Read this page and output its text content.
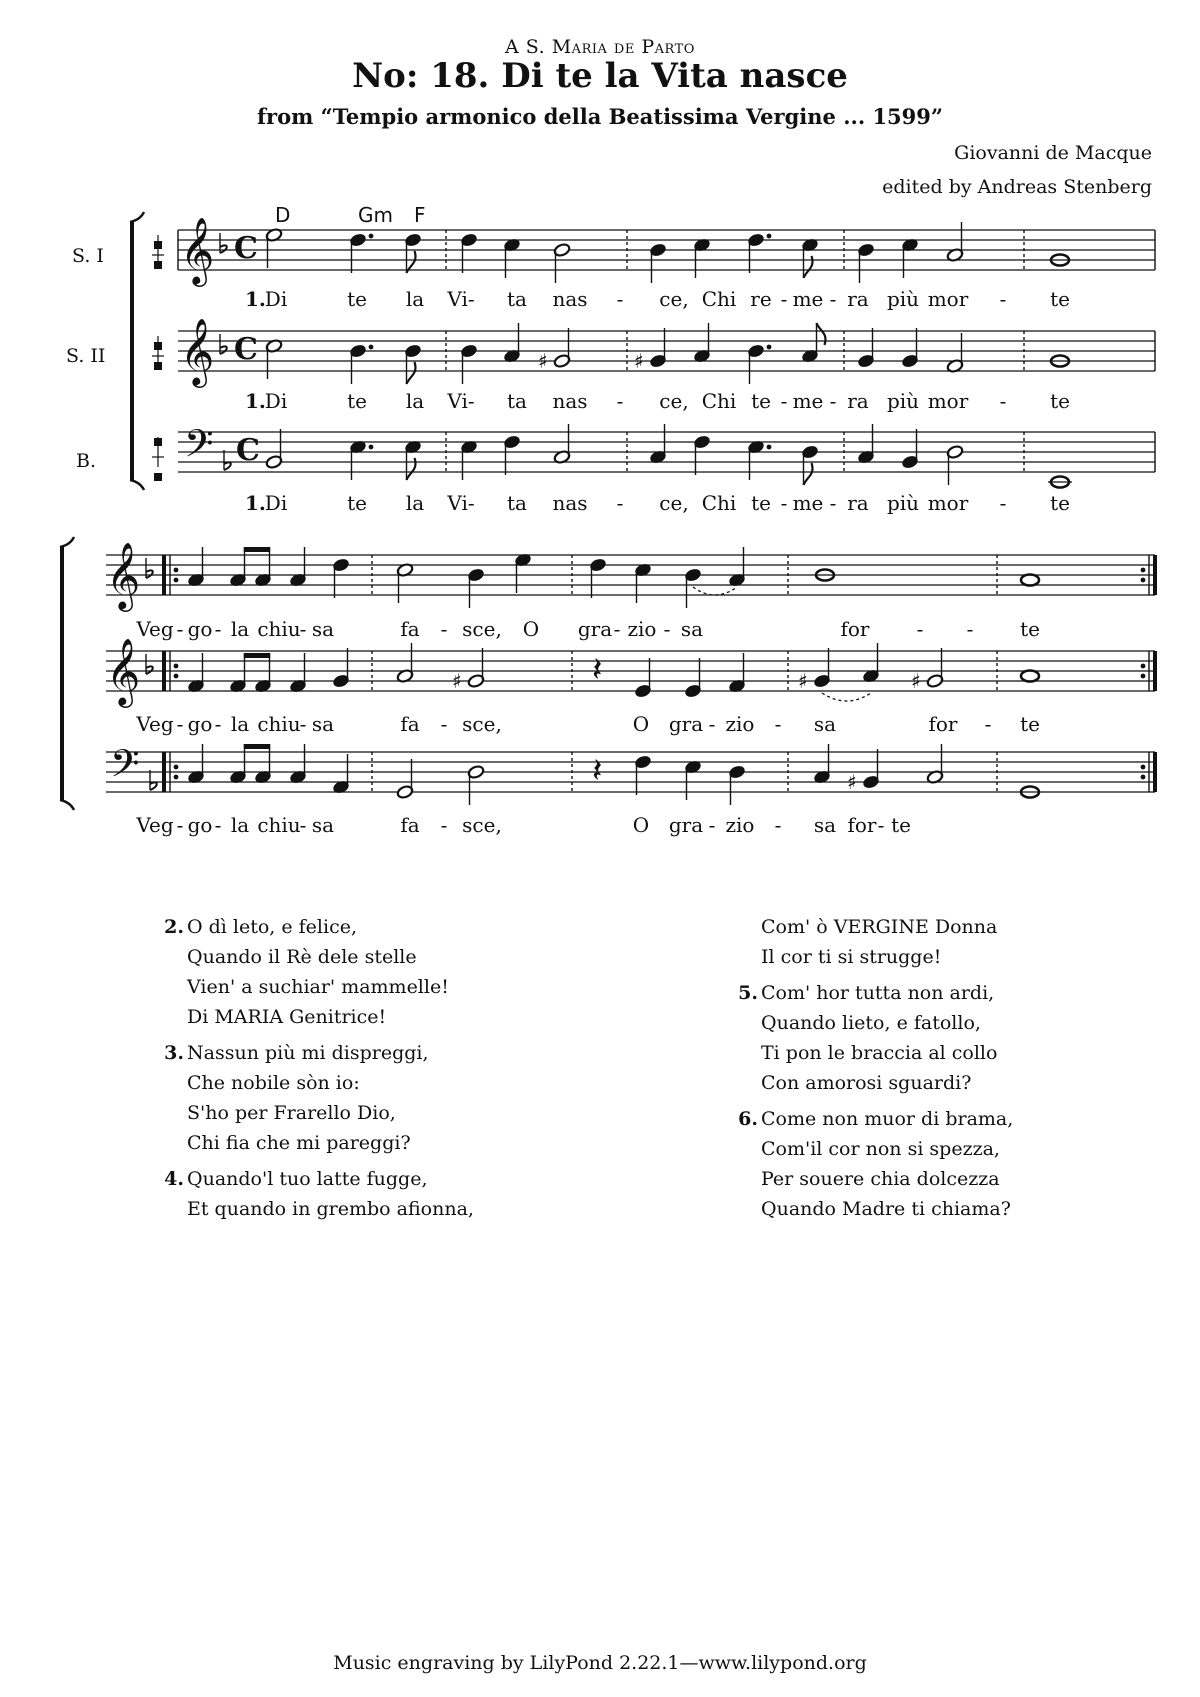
A S. Maria de Parto
No: 18. Di te la Vita nasce
from “Tempio armonico della Beatissima Vergine ... 1599”
Giovanni de Macque
edited by Andreas Stenberg
𝄞 C
𝄞 C
𝄢 C
S. I
S. II
B.
D	Gm F
♯	♯
1.
Di	te la Vi- ta nas - ce, Chi re - me - ra più mor - te
1.
Di	te la Vi- ta nas - ce, Chi te - me - ra più mor - te
1.
Di	te la Vi- ta nas - ce, Chi te - me - ra più mor - te
𝄞
𝄞
𝄢
♯	𝄽	♯	♯
𝄽	♯
Veg - go - la chiu
- sa	fa - sce, O gra - zio - sa	for - - te
Veg - go - la chiu
- sa	fa - sce,	O gra - zio - sa	for - te
Veg - go - la chiu
- sa	fa - sce,	O gra - zio - sa for - te
2. O dì leto, e felice,
Quando il Rè dele stelle
Vien' a suchiar' mammelle!
Di MARIA Genitrice!
3. Nassun più mi dispreggi,
Che nobile sòn io:
S'ho per Frarello Dio,
Chi fia che mi pareggi?
4. Quando'l tuo latte fugge,
Et quando in grembo afionna,
Com' ò VERGINE Donna
Il cor ti si strugge!
5. Com' hor tutta non ardi,
Quando lieto, e fatollo,
Ti pon le braccia al collo
Con amorosi sguardi?
6. Come non muor di brama,
Com'il cor non si spezza,
Per souere chia dolcezza
Quando Madre ti chiama?
Music engraving by LilyPond 2.22.1—www.lilypond.org
